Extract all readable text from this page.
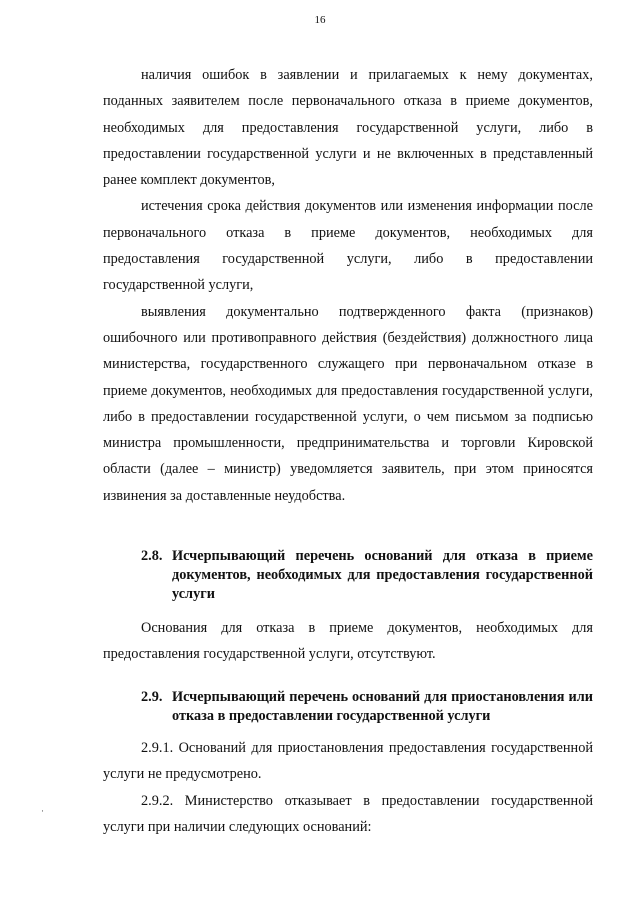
16

наличия ошибок в заявлении и прилагаемых к нему документах, поданных заявителем после первоначального отказа в приеме документов, необходимых для предоставления государственной услуги, либо в предоставлении государственной услуги и не включенных в представленный ранее комплект документов,

истечения срока действия документов или изменения информации после первоначального отказа в приеме документов, необходимых для предоставления государственной услуги, либо в предоставлении государственной услуги,

выявления документально подтвержденного факта (признаков) ошибочного или противоправного действия (бездействия) должностного лица министерства, государственного служащего при первоначальном отказе в приеме документов, необходимых для предоставления государственной услуги, либо в предоставлении государственной услуги, о чем письмом за подписью министра промышленности, предпринимательства и торговли Кировской области (далее – министр) уведомляется заявитель, при этом приносятся извинения за доставленные неудобства.

2.8. Исчерпывающий перечень оснований для отказа в приеме документов, необходимых для предоставления государственной услуги

Основания для отказа в приеме документов, необходимых для предоставления государственной услуги, отсутствуют.

2.9. Исчерпывающий перечень оснований для приостановления или отказа в предоставлении государственной услуги

2.9.1. Оснований для приостановления предоставления государственной услуги не предусмотрено.

2.9.2. Министерство отказывает в предоставлении государственной услуги при наличии следующих оснований:

·
